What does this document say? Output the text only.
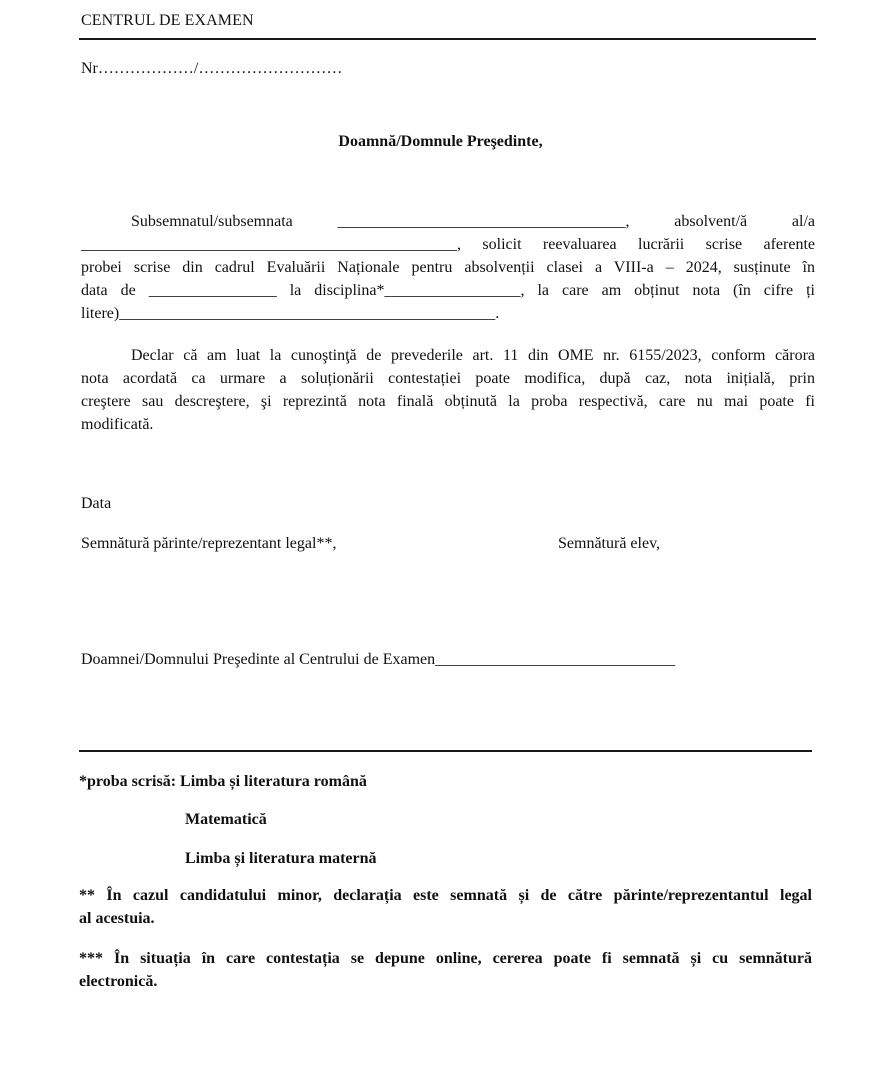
CENTRUL DE EXAMEN
Nr………………/………………………
Doamnă/Domnule Preşedinte,
Subsemnatul/subsemnata ____________________________________, absolvent/ă al/a
_______________________________________________, solicit reevaluarea lucrării scrise aferente
probei scrise din cadrul Evaluării Naționale pentru absolvenții clasei a VIII-a – 2024, susținute în
data de ________________ la disciplina*_________________, la care am obținut nota (în cifre ți
litere)_______________________________________________.
Declar că am luat la cunoştinţă de prevederile art. 11 din OME nr. 6155/2023, conform cărora
nota acordată ca urmare a soluționării contestației poate modifica, după caz, nota inițială, prin
creştere sau descreştere, şi reprezintă nota finală obținută la proba respectivă, care nu mai poate fi
modificată.
Data
Semnătură părinte/reprezentant legal**,	Semnătură elev,
Doamnei/Domnului Preşedinte al Centrului de Examen______________________________
*proba scrisă: Limba și literatura română
Matematică
Limba și literatura maternă
** În cazul candidatului minor, declarația este semnată și de către părinte/reprezentantul legal
al acestuia.
*** În situația în care contestația se depune online, cererea poate fi semnată și cu semnătură
electronică.
